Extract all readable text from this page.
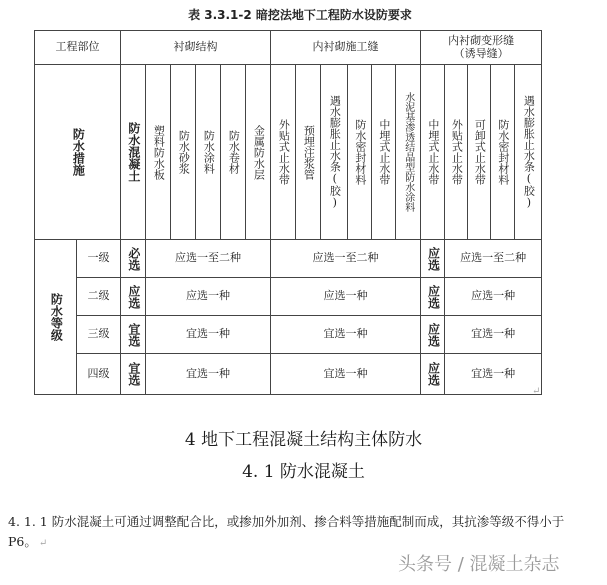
表 3.3.1-2 暗挖法地下工程防水设防要求
工程部位		衬砌结构						内衬砌施工缝						内衬砌变形缝
（诱导缝）				

防水措施		防水混凝土	塑料防水板	防水砂浆	防水涂料	防水卷材	金属防水层	外贴式止水带	预埋注浆管	遇水膨胀止水条(胶)	防水密封材料	中埋式止水带	水泥基渗透结晶型防水涂料	中埋式止水带	外贴式止水带	可卸式止水带	防水密封材料	遇水膨胀止水条(胶)

防水等级	一级	必选	应选一至二种					应选一至二种						应选	应选一至二种			
	二级	应选	应选一种					应选一种						应选	应选一种			
	三级	宜选	宜选一种					宜选一种						应选	宜选一种			
	四级	宜选	宜选一种					宜选一种						应选	宜选一种			
↵
4 地下工程混凝土结构主体防水
4. 1 防水混凝土
4. 1. 1 防水混凝土可通过调整配合比，或掺加外加剂、掺合料等措施配制而成，其抗渗等级不得小于P6。 ↵
头条号 / 混凝土杂志
